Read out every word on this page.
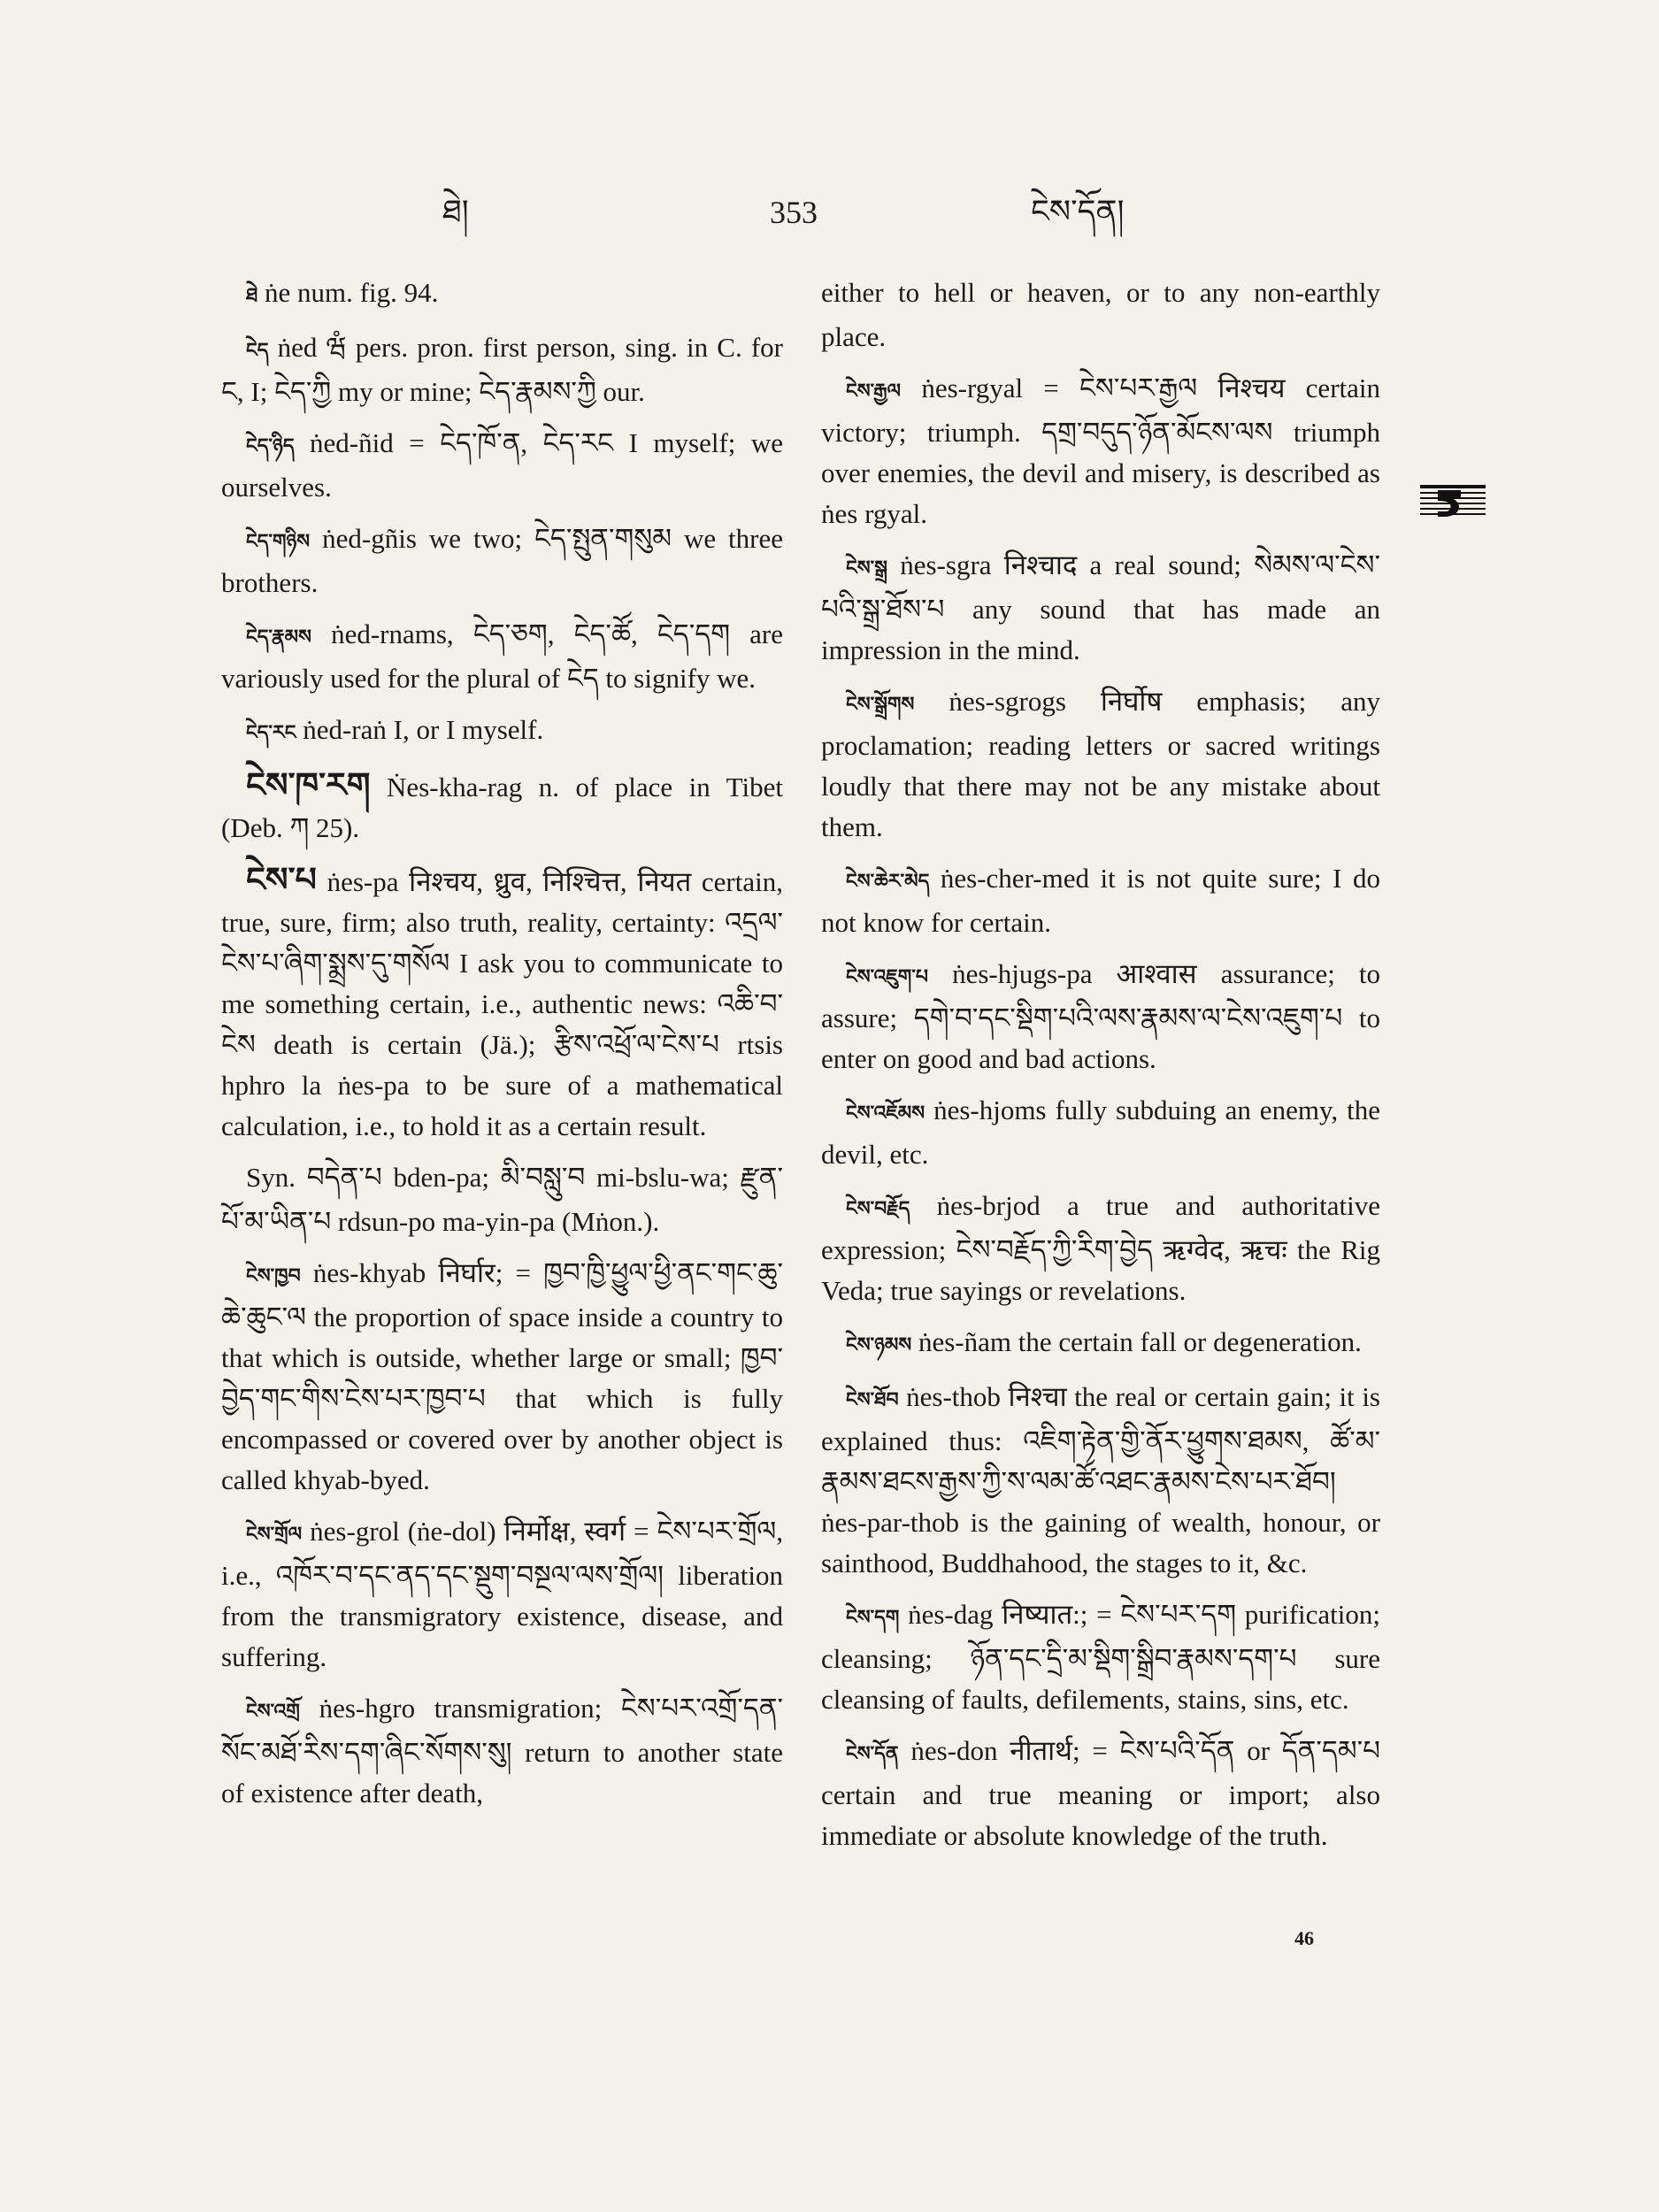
ཐེ།	353	ངེས་དོན།

ཐེ ṅe num. fig. 94.

ངེད ṅed ཝཾ pers. pron. first person, sing. in C. for ང, I; ངེད་ཀྱི my or mine; ངེད་རྣམས་ཀྱི our.

ངེད་ཉིད ṅed-ñid = ངེད་ཁོ་ན, ངེད་རང I myself; we ourselves.

ངེད་གཉིས ṅed-gñis we two; ངེད་སྤུན་གསུམ we three brothers.

ངེད་རྣམས ṅed-rnams, ངེད་ཅག, ངེད་ཚོ, ངེད་དག are variously used for the plural of ངེད to signify we.

ངེད་རང ṅed-raṅ I, or I myself.

ངེས་ཁ་རག Ṅes-kha-rag n. of place in Tibet (Deb. ཀ 25).

ངེས་པ ṅes-pa निश्चय, ध्रुव, निश्चित्त, नियत certain, true, sure, firm; also truth, reality, certainty: འདྲལ་ངེས་པ་ཞིག་སྨྲས་དུ་གསོལ I ask you to communicate to me something certain, i.e., authentic news: འཆི་བ་ངེས death is certain (Jä.); རྩིས་འཕྲོ་ལ་ངེས་པ rtsis hphro la ṅes-pa to be sure of a mathematical calculation, i.e., to hold it as a certain result.

Syn. བདེན་པ bden-pa; མི་བསླུ་བ mi-bslu-wa; རྫུན་པོ་མ་ཡིན་པ rdsun-po ma-yin-pa (Mṅon.).

ངེས་ཁྱབ ṅes-khyab निर्घार; = ཁྱབ་ཁྱི་ཕྱུལ་ཕྱི་ནང་གང་ཆུ་ཆེ་ཆུང་ལ the proportion of space inside a country to that which is outside, whether large or small; ཁྱབ་བྱེད་གང་གིས་ངེས་པར་ཁྱབ་པ that which is fully encompassed or covered over by another object is called khyab-byed.

ངེས་གྲོལ ṅes-grol (ṅe-dol) निर्मोक्ष, स्वर्ग = ངེས་པར་གྲོལ, i.e., འཁོར་བ་དང་ནད་དང་སྡུག་བསྔལ་ལས་གྲོལ། liberation from the transmigratory existence, disease, and suffering.

ངེས་འགྲོ ṅes-hgro transmigration; ངེས་པར་འགྲོ་དན་སོང་མཐོ་རིས་དག་ཞིང་སོགས་སུ། return to another state of existence after death,

either to hell or heaven, or to any non-earthly place.

ངེས་རྒྱལ ṅes-rgyal = ངེས་པར་རྒྱལ निश्चय certain victory; triumph. དགྲ་བདུད་ཉོན་མོངས་ལས triumph over enemies, the devil and misery, is described as ṅes rgyal.

ངེས་སྒྲ ṅes-sgra निश्चाद a real sound; སེམས་ལ་ངེས་པའི་སྒྲ་ཐོས་པ any sound that has made an impression in the mind.

ངེས་སྒྲོགས ṅes-sgrogs निर्घोष emphasis; any proclamation; reading letters or sacred writings loudly that there may not be any mistake about them.

ངེས་ཆེར་མེད ṅes-cher-med it is not quite sure; I do not know for certain.

ངེས་འཇུག་པ ṅes-hjugs-pa आश्वास assurance; to assure; དགེ་བ་དང་སྡིག་པའི་ལས་རྣམས་ལ་ངེས་འཇུག་པ to enter on good and bad actions.

ངེས་འཇོམས ṅes-hjoms fully subduing an enemy, the devil, etc.

ངེས་བརྗོད ṅes-brjod a true and authoritative expression; ངེས་བརྗོད་ཀྱི་རིག་བྱེད ऋग्वेद, ऋचः the Rig Veda; true sayings or revelations.

ངེས་ཉམས ṅes-ñam the certain fall or degeneration.

ངེས་ཐོབ ṅes-thob निश्चा the real or certain gain; it is explained thus: འཇིག་རྟེན་གྱི་ནོར་ཕྱུགས་ཐམས, ཚོ་མ་རྣམས་ཐངས་རྒྱས་ཀྱི་ས་ལམ་ཚོ་འཐང་རྣམས་ངེས་པར་ཐོབ། ṅes-par-thob is the gaining of wealth, honour, or sainthood, Buddhahood, the stages to it, &c.

ངེས་དག ṅes-dag निष्यात:; = ངེས་པར་དག purification; cleansing; ཉོན་དང་དྲི་མ་སྡིག་སྒྲིབ་རྣམས་དག་པ sure cleansing of faults, defilements, stains, sins, etc.

ངེས་དོན ṅes-don नीतार्थ; = ངེས་པའི་དོན or དོན་དམ་པ certain and true meaning or import; also immediate or absolute knowledge of the truth.

46
